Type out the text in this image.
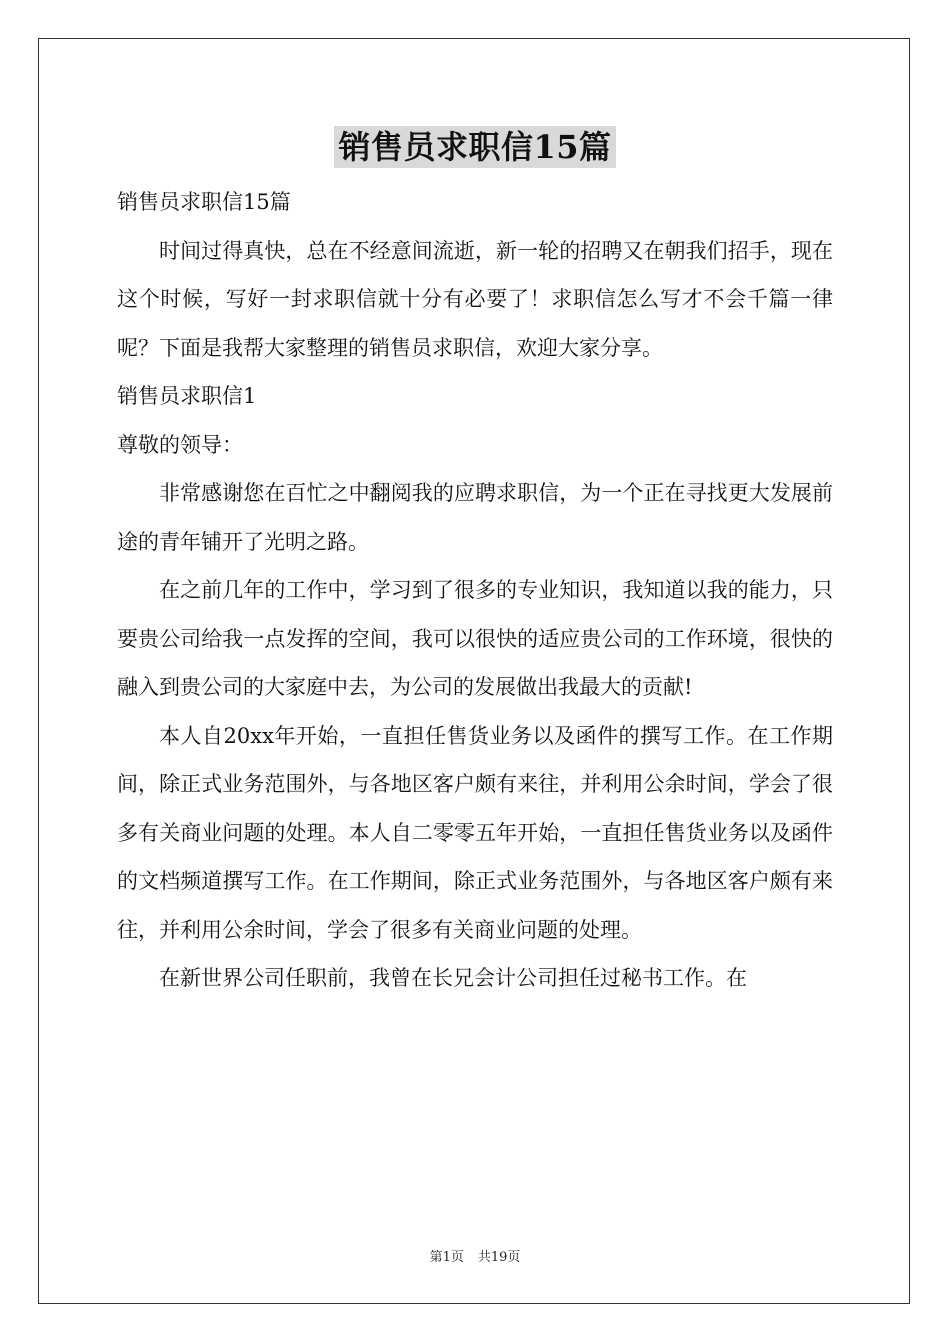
销售员求职信15篇

销售员求职信15篇

时间过得真快，总在不经意间流逝，新一轮的招聘又在朝我们招手，现在这个时候，写好一封求职信就十分有必要了！求职信怎么写才不会千篇一律呢？下面是我帮大家整理的销售员求职信，欢迎大家分享。

销售员求职信1

尊敬的领导：

非常感谢您在百忙之中翻阅我的应聘求职信，为一个正在寻找更大发展前途的青年铺开了光明之路。

在之前几年的工作中，学习到了很多的专业知识，我知道以我的能力，只要贵公司给我一点发挥的空间，我可以很快的适应贵公司的工作环境，很快的融入到贵公司的大家庭中去，为公司的发展做出我最大的贡献!

本人自20xx年开始，一直担任售货业务以及函件的撰写工作。在工作期间，除正式业务范围外，与各地区客户颇有来往，并利用公余时间，学会了很多有关商业问题的处理。本人自二零零五年开始，一直担任售货业务以及函件的文档频道撰写工作。在工作期间，除正式业务范围外，与各地区客户颇有来往，并利用公余时间，学会了很多有关商业问题的处理。

在新世界公司任职前，我曾在长兄会计公司担任过秘书工作。在

第1页 共19页
